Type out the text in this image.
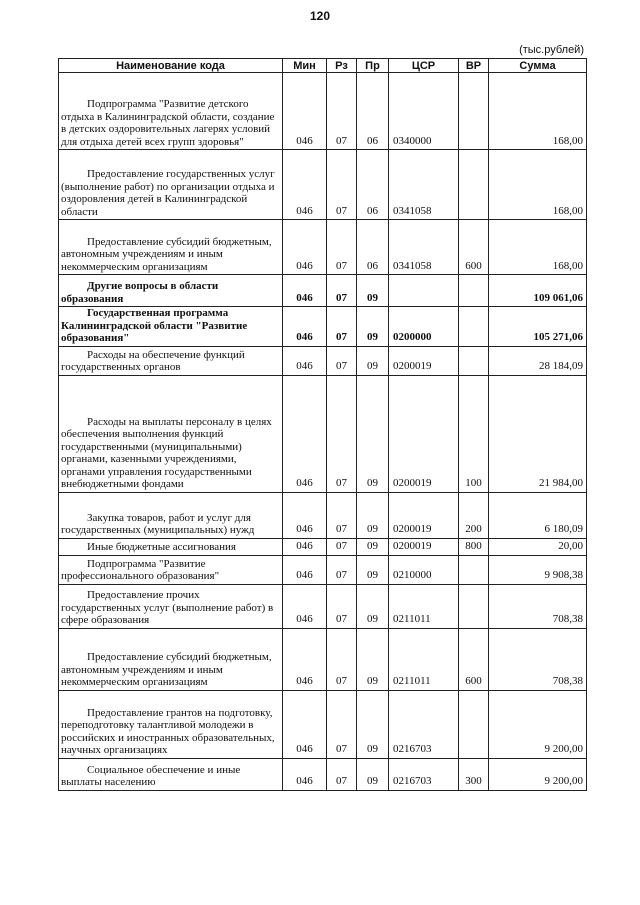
120
(тыс.рублей)
Наименование кода	Мин	Рз	Пр	ЦСР	ВР	Сумма
Подпрограмма "Развитие детского отдыха в Калининградской области, создание в детских оздоровительных лагерях условий для отдыха детей всех групп здоровья"	046	07	06	0340000		168,00
Предоставление государственных услуг (выполнение работ) по организации отдыха и оздоровления детей в Калининградской области	046	07	06	0341058		168,00
Предоставление субсидий бюджетным, автономным учреждениям и иным некоммерческим организациям	046	07	06	0341058	600	168,00
Другие вопросы в области образования	046	07	09			109 061,06
Государственная программа Калининградской области "Развитие образования"	046	07	09	0200000		105 271,06
Расходы на обеспечение функций государственных органов	046	07	09	0200019		28 184,09
Расходы на выплаты персоналу в целях обеспечения выполнения функций государственными (муниципальными) органами, казенными учреждениями, органами управления государственными внебюджетными фондами	046	07	09	0200019	100	21 984,00
Закупка товаров, работ и услуг для государственных (муниципальных) нужд	046	07	09	0200019	200	6 180,09
Иные бюджетные ассигнования	046	07	09	0200019	800	20,00
Подпрограмма "Развитие профессионального образования"	046	07	09	0210000		9 908,38
Предоставление прочих государственных услуг (выполнение работ) в сфере образования	046	07	09	0211011		708,38
Предоставление субсидий бюджетным, автономным учреждениям и иным некоммерческим организациям	046	07	09	0211011	600	708,38
Предоставление грантов на подготовку, переподготовку талантливой молодежи в российских и иностранных образовательных, научных организациях	046	07	09	0216703		9 200,00
Социальное обеспечение и иные выплаты населению	046	07	09	0216703	300	9 200,00
